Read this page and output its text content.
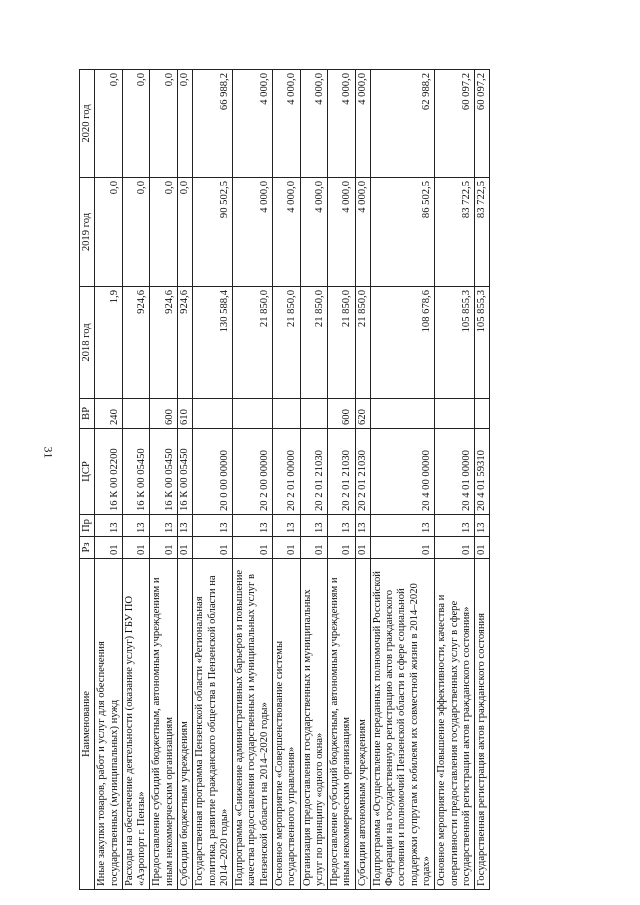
31
Наименование	Рз	Пр	ЦСР	ВР	2018 год	2019 год	2020 год
Иные закупки товаров, работ и услуг для обеспечения государственных (муниципальных) нужд	01	13	16 К 00 02200	240	1,9	0,0	0,0
Расходы на обеспечение деятельности (оказание услуг) ГБУ ПО «Аэропорт г. Пензы»	01	13	16 К 00 05450		924,6	0,0	0,0
Предоставление субсидий бюджетным, автономным учреждениям и иным некоммерческим организациям	01	13	16 К 00 05450	600	924,6	0,0	0,0
Субсидии бюджетным учреждениям	01	13	16 К 00 05450	610	924,6	0,0	0,0
Государственная программа Пензенской области «Региональная политика, развитие гражданского общества в Пензенской области на 2014–2020 годы»	01	13	20 0 00 00000		130 588,4	90 502,5	66 988,2
Подпрограмма «Снижение административных барьеров и повышение качества предоставления государственных и муниципальных услуг в Пензенской области на 2014–2020 годы»	01	13	20 2 00 00000		21 850,0	4 000,0	4 000,0
Основное мероприятие «Совершенствование системы государственного управления»	01	13	20 2 01 00000		21 850,0	4 000,0	4 000,0
Организация предоставления государственных и муниципальных услуг по принципу «одного окна»	01	13	20 2 01 21030		21 850,0	4 000,0	4 000,0
Предоставление субсидий бюджетным, автономным учреждениям и иным некоммерческим организациям	01	13	20 2 01 21030	600	21 850,0	4 000,0	4 000,0
Субсидии автономным учреждениям	01	13	20 2 01 21030	620	21 850,0	4 000,0	4 000,0
Подпрограмма «Осуществление переданных полномочий Российской Федерации на государственную регистрацию актов гражданского состояния и полномочий Пензенской области в сфере социальной поддержки супругам к юбилеям их совместной жизни в 2014–2020 годах»	01	13	20 4 00 00000		108 678,6	86 502,5	62 988,2
Основное мероприятие «Повышение эффективности, качества и оперативности предоставления государственных услуг в сфере государственной регистрации актов гражданского состояния»	01	13	20 4 01 00000		105 855,3	83 722,5	60 097,2
Государственная регистрация актов гражданского состояния	01	13	20 4 01 59310		105 855,3	83 722,5	60 097,2
